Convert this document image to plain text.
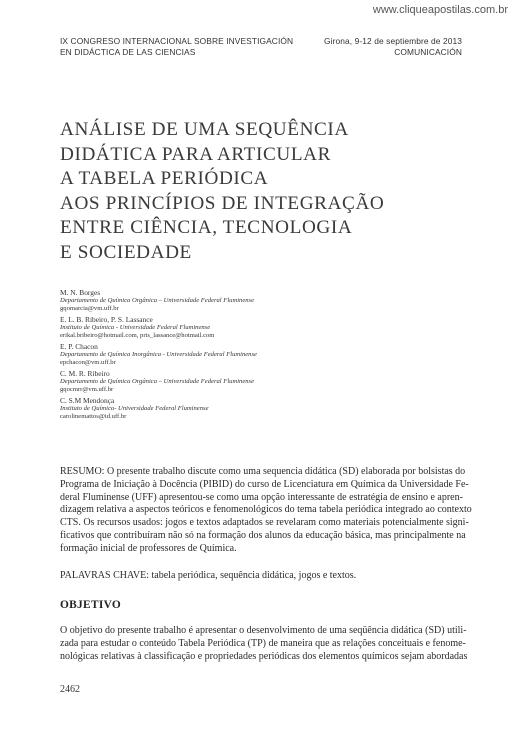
www.cliqueapostilas.com.br
IX CONGRESO INTERNACIONAL SOBRE INVESTIGACIÓN
EN DIDÁCTICA DE LAS CIENCIAS
Girona, 9-12 de septiembre de 2013
COMUNICACIÓN
ANÁLISE DE UMA SEQUÊNCIA
DIDÁTICA PARA ARTICULAR
A TABELA PERIÓDICA
AOS PRINCÍPIOS DE INTEGRAÇÃO
ENTRE CIÊNCIA, TECNOLOGIA
E SOCIEDADE
M. N. Borges
Departamento de Química Orgânica – Universidade Federal Fluminense
gqomarcia@vm.uff.br
E. L. B. Ribeiro, P. S. Lassance
Instituto de Química - Universidade Federal Fluminense
erikal.bribeiro@hotmail.com, pris_lassance@hotmail.com
E. P. Chacon
Departamento de Química Inorgânica - Universidade Federal Fluminense
epchacon@vm.uff.br
C. M. R. Ribeiro
Departamento de Química Orgânica – Universidade Federal Fluminense
gqocmrr@vm.uff.br
C. S.M Mendonça
Instituto de Química- Universidade Federal Fluminense
carolinemattos@id.uff.br
RESUMO: O presente trabalho discute como uma sequencia didática (SD) elaborada por bolsistas do
Programa de Iniciação à Docência (PIBID) do curso de Licenciatura em Química da Universidade Fe-
deral Fluminense (UFF) apresentou-se como uma opção interessante de estratégia de ensino e apren-
dizagem relativa a aspectos teóricos e fenomenológicos do tema tabela periódica integrado ao contexto
CTS. Os recursos usados: jogos e textos adaptados se revelaram como materiais potencialmente signi-
ficativos que contribuíram não só na formação dos alunos da educação básica, mas principalmente na
formação inicial de professores de Química.
PALAVRAS CHAVE: tabela periódica, sequência didática, jogos e textos.
OBJETIVO
O objetivo do presente trabalho é apresentar o desenvolvimento de uma seqüência didática (SD) utili-
zada para estudar o conteúdo Tabela Periódica (TP) de maneira que as relações conceituais e fenome-
nológicas relativas à classificação e propriedades periódicas dos elementos químicos sejam abordadas
2462
